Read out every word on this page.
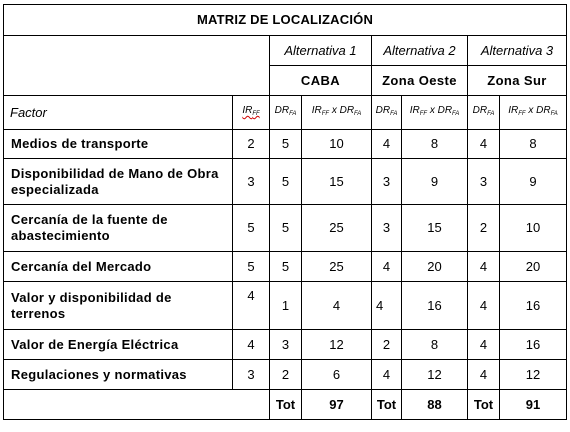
MATRIZ DE LOCALIZACIÓN							
		Alternativa 1		Alternativa 2		Alternativa 3	
		CABA		Zona Oeste		Zona Sur	
Factor	$IR_{FF}$	$DR_{FA}$	$IR_{FF}$ x $DR_{FA}$	$DR_{FA}$	$IR_{FF}$ x $DR_{FA}$	$DR_{FA}$	$IR_{FF}$ x $DR_{FA}$
Medios de transporte	2	5	10	4	8	4	8
Disponibilidad de Mano de Obra especializada	3	5	15	3	9	3	9
Cercanía de la fuente de abastecimiento	5	5	25	3	15	2	10
Cercanía del Mercado	5	5	25	4	20	4	20
Valor y disponibilidad de terrenos	4	1	4	4	16	4	16
Valor de Energía Eléctrica	4	3	12	2	8	4	16
Regulaciones y normativas	3	2	6	4	12	4	12
		Tot	97	Tot	88	Tot	91
